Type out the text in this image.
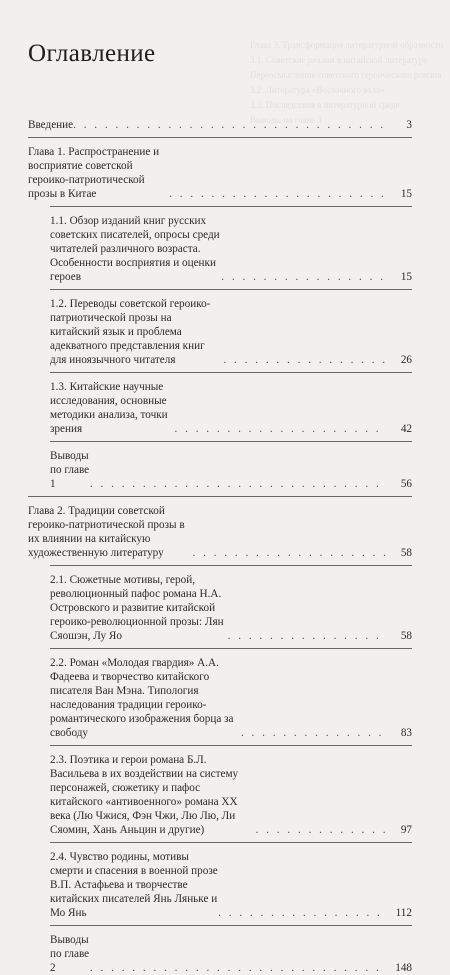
Глава 3. Трансформация литературной образности
3.1. Советские реалии в китайской литературе
Переосмысление советского героического романа
3.2. Литература «Восточного вала»
3.3. Последствия в литературной среде
Выводы по главе 3
Оглавление
Введение . . .	3
Глава 1. Распространение и восприятие советской героико-патриотической прозы в Китае . . .	15
1.1. Обзор изданий книг русских советских писателей, опросы среди читателей различного возраста. Особенности восприятия и оценки героев . . .	15
1.2. Переводы советской героико-патриотической прозы на китайский язык и проблема адекватного представления книг для иноязычного читателя . . .	26
1.3. Китайские научные исследования, основные методики анализа, точки зрения . . .	42
Выводы по главе 1 . . .	56
Глава 2. Традиции советской героико-патриотической прозы в их влиянии на китайскую художественную литературу . . .	58
2.1. Сюжетные мотивы, герой, революционный пафос романа Н.А. Островского и развитие китайской героико-революционной прозы: Лян Сяошэн, Лу Яо . . .	58
2.2. Роман «Молодая гвардия» А.А. Фадеева и творчество китайского писателя Ван Мэна. Типология наследования традиции героико-романтического изображения борца за свободу . . .	83
2.3. Поэтика и герои романа Б.Л. Васильева в их воздействии на систему персонажей, сюжетику и пафос китайского «антивоенного» романа XX века (Лю Чжися, Фэн Чжи, Лю Лю, Ли Сяомин, Хань Аньцин и другие) . . .	97
2.4. Чувство родины, мотивы смерти и спасения в военной прозе В.П. Астафьева и творчестве китайских писателей Янь Ляньке и Мо Янь . . .	112
Выводы по главе 2 . . .	148
